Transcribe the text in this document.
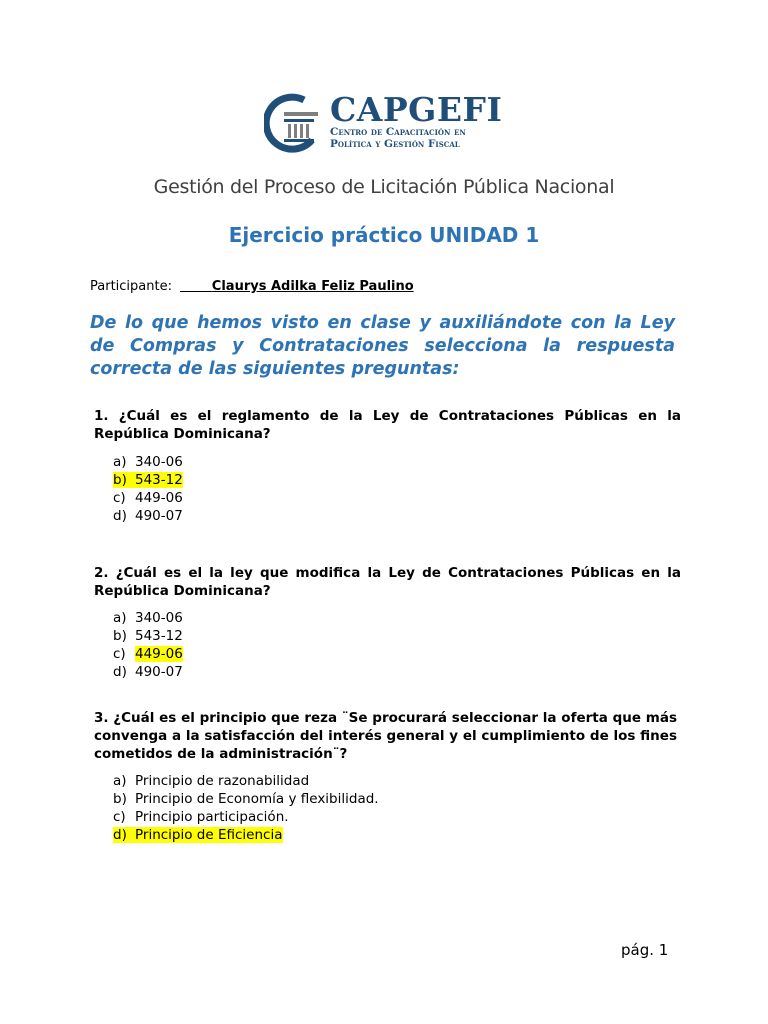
CAPGEFI
Centro de Capacitación en
Política y Gestión Fiscal
Gestión del Proceso de Licitación Pública Nacional
Ejercicio práctico UNIDAD 1
Participante:	Claurys Adilka Feliz Paulino
De lo que hemos visto en clase y auxiliándote con la Ley de Compras y Contrataciones selecciona la respuesta correcta de las siguientes preguntas:
1. ¿Cuál es el reglamento de la Ley de Contrataciones Públicas en la República Dominicana?
a) 340-06
b) 543-12
c) 449-06
d) 490-07
2. ¿Cuál es el la ley que modifica la Ley de Contrataciones Públicas en la República Dominicana?
a) 340-06
b) 543-12
c) 449-06
d) 490-07
3. ¿Cuál es el principio que reza ¨Se procurará seleccionar la oferta que más convenga a la satisfacción del interés general y el cumplimiento de los fines cometidos de la administración¨?
a) Principio de razonabilidad
b) Principio de Economía y flexibilidad.
c) Principio participación.
d) Principio de Eficiencia
pág. 1
